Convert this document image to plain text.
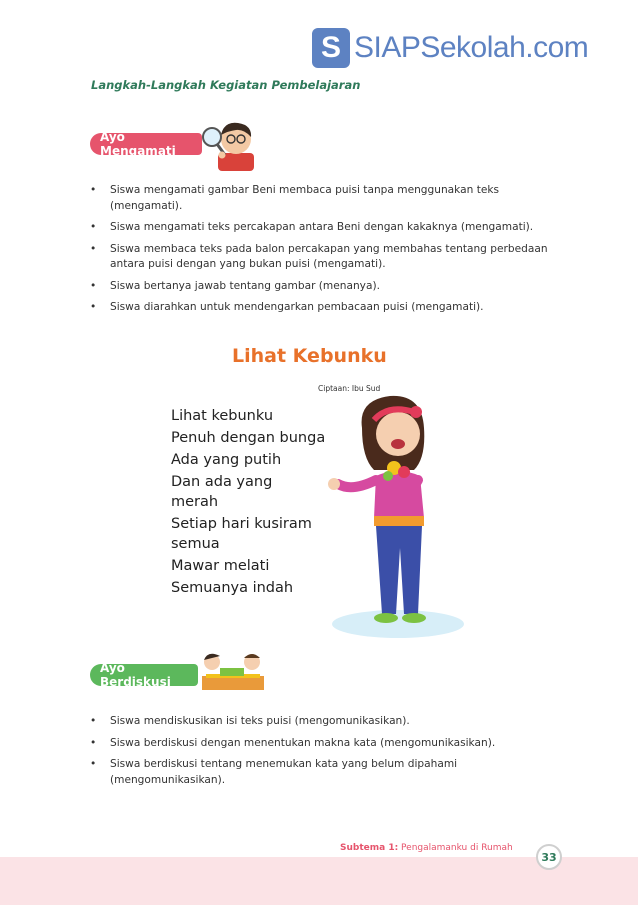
S SIAPSekolah.com
Langkah-Langkah Kegiatan Pembelajaran
Ayo Mengamati
• Siswa mengamati gambar Beni membaca puisi tanpa menggunakan teks (mengamati).
• Siswa mengamati teks percakapan antara Beni dengan kakaknya (mengamati).
• Siswa membaca teks pada balon percakapan yang membahas tentang perbedaan antara puisi dengan yang bukan puisi (mengamati).
• Siswa bertanya jawab tentang gambar (menanya).
• Siswa diarahkan untuk mendengarkan pembacaan puisi (mengamati).
Lihat Kebunku
Ciptaan: Ibu Sud
Lihat kebunku
Penuh dengan bunga
Ada yang putih
Dan ada yang
merah
Setiap hari kusiram
semua
Mawar melati
Semuanya indah
Ayo Berdiskusi
• Siswa mendiskusikan isi teks puisi (mengomunikasikan).
• Siswa berdiskusi dengan menentukan makna kata (mengomunikasikan).
• Siswa berdiskusi tentang menemukan kata yang belum dipahami (mengomunikasikan).
Subtema 1: Pengalamanku di Rumah
33
